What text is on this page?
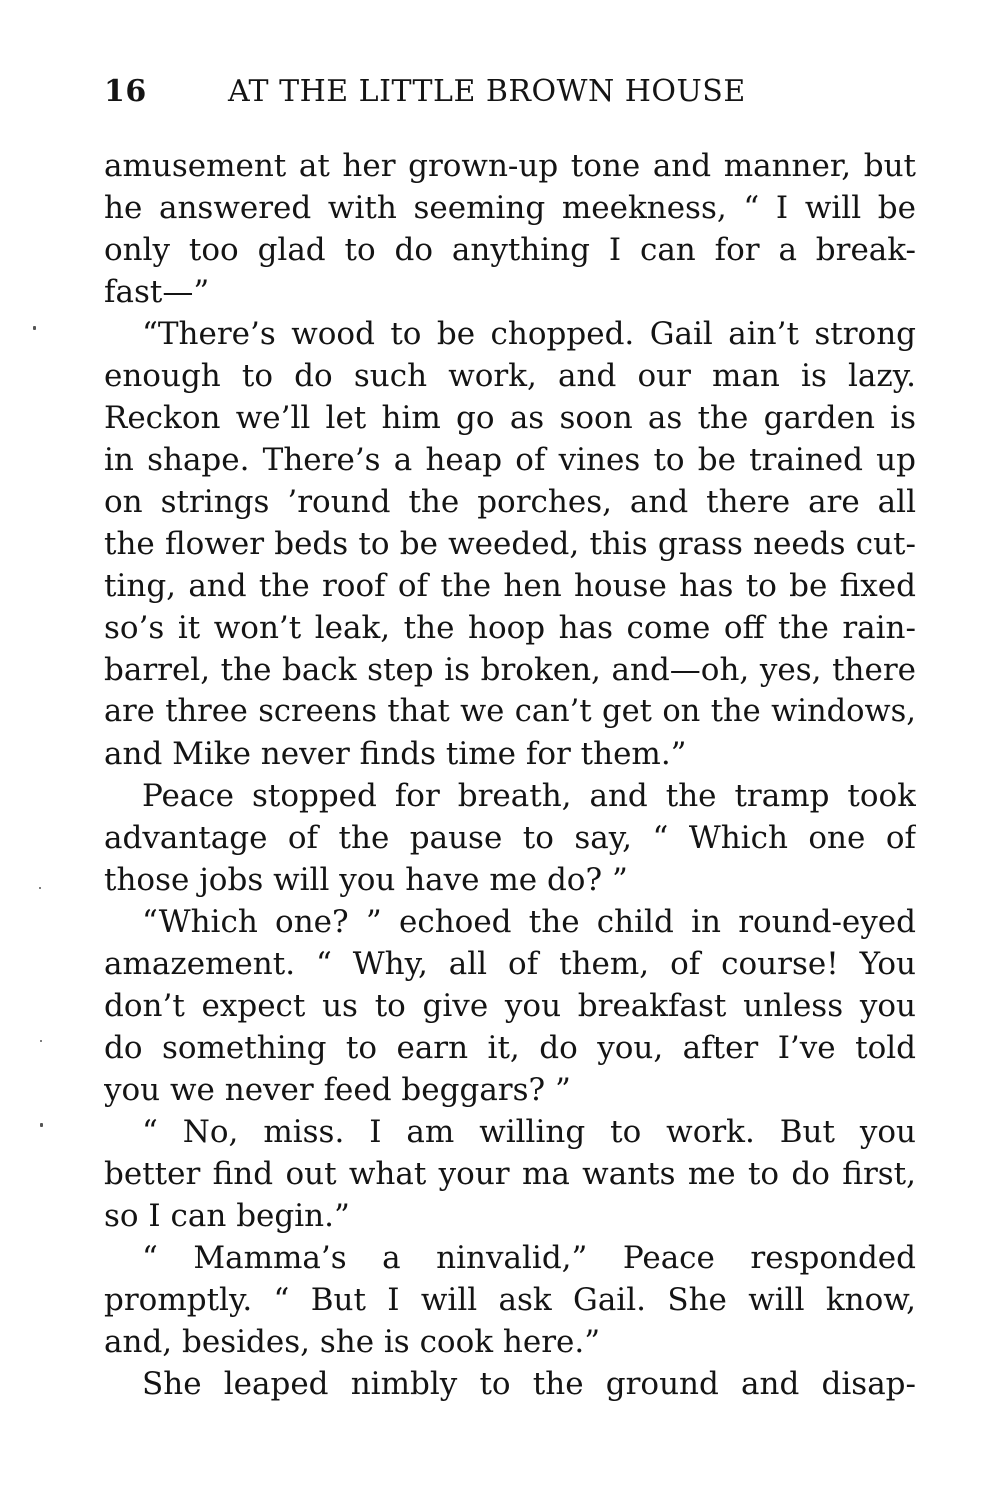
16	AT THE LITTLE BROWN HOUSE
amusement at her grown-up tone and manner, but
he answered with seeming meekness, “ I will be
only too glad to do anything I can for a break-
fast—”
“There’s wood to be chopped. Gail ain’t strong
enough to do such work, and our man is lazy.
Reckon we’ll let him go as soon as the garden is
in shape. There’s a heap of vines to be trained up
on strings ’round the porches, and there are all
the flower beds to be weeded, this grass needs cut-
ting, and the roof of the hen house has to be fixed
so’s it won’t leak, the hoop has come off the rain-
barrel, the back step is broken, and—oh, yes, there
are three screens that we can’t get on the windows,
and Mike never finds time for them.”
Peace stopped for breath, and the tramp took
advantage of the pause to say, “ Which one of
those jobs will you have me do? ”
“Which one? ” echoed the child in round-eyed
amazement. “ Why, all of them, of course! You
don’t expect us to give you breakfast unless you
do something to earn it, do you, after I’ve told
you we never feed beggars? ”
“ No, miss. I am willing to work. But you
better find out what your ma wants me to do first,
so I can begin.”
“ Mamma’s a ninvalid,” Peace responded
promptly. “ But I will ask Gail. She will know,
and, besides, she is cook here.”
She leaped nimbly to the ground and disap-
